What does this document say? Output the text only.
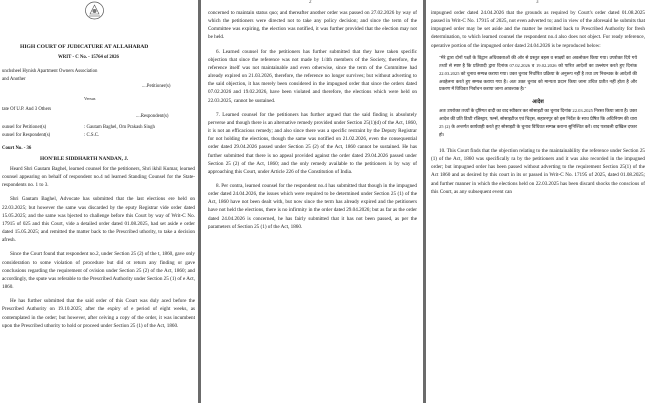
HIGH COURT OF JUDICATURE AT ALLAHABAD
WRIT - C No. - 15764 of 2026
unchsheel Hynish Apartment Owners Association
and Another
....Petitioner(s)
Versus
tate Of U.P. And 3 Others
....Respondent(s)
ounsel for Petitioner(s)	: Gautam Baghel, Om Prakash Singh
ounsel for Respondent(s)	: C.S.C.
Court No. - 36
HON'BLE SIDDHARTH NANDAN, J.

Heard Shri Gautam Baghel, learned counsel for the petitioners, Shri ikhil Kumar, learned counsel appearing on behalf of respondent no.4 nd learned Standing Counsel for the State-respondents no. 1 to 3.

Shri Gautam Baghel, Advocate has submitted that the last elections ere held on 22.03.2025; but however the same was discarded by the eputy Registrar vide order dated 15.05.2025; and the same was bjected to challenge before this Court by way of Writ-C No. 17915 of 025 and this Court, vide a detailed order dated 01.08.2025, had set aside e order dated 15.05.2025; and remitted the matter back to the Prescribed uthority, to take a decision afresh.

Since the Court found that respondent no.2, under Section 25 (2) of the t, 1860, gave only consideration to some violation of procedure but did ot return any finding or gave conclusions regarding the requirement of ovision under Section 25 (2) of the Act, 1860; and accordingly, the spute was referable to the Prescribed Authority under Section 25 (1) of e Act, 1860.

He has further submitted that the said order of this Court was duly aced before the Prescribed Authority on 19.10.2025; after the expiry of e period of eight weeks, as contemplated in the order; but however, after ceiving a copy of the order, it was incumbent upon the Prescribed uthority to hold or proceed under Section 25 (1) of the Act, 1860.

2

concerned to maintain status quo; and thereafter another order was passed on 27.02.2026 by way of which the petitioners were directed not to take any policy decision; and since the term of the Committee was expiring, the election was notified, it was further provided that the election may not be held.

6. Learned counsel for the petitioners has further submitted that they have taken specific objection that since the reference was not made by 1/4th members of the Society, therefore, the reference itself was not maintainable and even otherwise, since the term of the Committee had already expired on 21.03.2026, therefore, the reference no longer survives; but without adverting to the said objection, it has merely been considered in the impugned order that since the orders dated 07.02.2026 and 19.02.2026, have been violated and therefore, the elections which were held on 22.03.2025, cannot be sustained.

7. Learned counsel for the petitioners has further argued that the said finding is absolutely perverse and though there is an alternative remedy provided under Section 25(1)(d) of the Act, 1860, it is not an efficacious remedy; and also since there was a specific restraint by the Deputy Registrar for not holding the elections, though the same was notified on 21.02.2026, even the consequential order dated 29.04.2026 passed under Section 25 (2) of the Act, 1860 cannot be sustained. He has further submitted that there is no appeal provided against the order dated 29.04.2026 passed under Section 25 (2) of the Act, 1860; and the only remedy available to the petitioners is by way of approaching this Court, under Article 226 of the Constitution of India.

8. Per contra, learned counsel for the respondent no.4 has submitted that though in the impugned order dated 24.04.2026, the issues which were required to be determined under Section 25 (1) of the Act, 1860 have not been dealt with, but now since the term has already expired and the petitioners have not held the elections, there is no infirmity in the order dated 29.04.2026; but as far as the order dated 24.04.2026 is concerned, he has fairly submitted that it has not been passed, as per the parameters of Section 25 (1) of the Act, 1860.

3

impugned order dated 24.04.2026 that the grounds as required by Court's order dated 01.08.2025 passed in Writ-C No. 17915 of 2025, not even adverted to; and in view of the aforesaid he submits that impugned order may be set aside and the matter be remitted back to Prescribed Authority for fresh determination, to which learned counsel the respondent no.4 also does not object. For ready reference, operative portion of the impugned order dated 24.04.2026 is be reproduced below:

"मेरे द्वारा दोनों पक्षों के विद्वान अधिवक्ताओं की ओर से प्रस्तुत बहस व साक्ष्यों का अवलोकन किया गया। उपरोक्त दिये गये तथ्यों से स्पष्ट है कि प्रतिवादी द्वारा दिनांक 07.02.2026 व 19.02.2026 को पारित आदेशों का उल्लंघन करते हुए दिनांक 22.03.2025 को चुनाव सम्पन्न कराया गया। उक्त चुनाव निर्धारित प्रक्रिया के अनुरूप नहीं है तथा उप निबन्धक के आदेशों की अवहेलना करते हुए सम्पन्न कराया गया है। अतः उक्त चुनाव को मान्यता प्रदान किया जाना उचित प्रतीत नहीं होता है और प्रकरण में विधिवत निर्वाचन कराया जाना आवश्यक है।"

आदेश

अतः उपरोक्त तथ्यों के दृष्टिगत वादी का वाद स्वीकार कर सोसाइटी का चुनाव दिनांक 22.03.2025 निरस्त किया जाता है। उक्त आदेश की प्रति डिप्टी रजिस्ट्रार, फर्म्स, सोसाइटीज एवं चिट्स, सहारनपुर को इस निर्देश के साथ प्रेषित कि अधिनियम की धारा 25 (2) के अन्तर्गत कार्यवाही करते हुए सोसाइटी के चुनाव विधिवत सम्पन्न कराना सुनिश्चित करें। वाद पत्रावली दाखिल दफ्तर हो।

10. This Court finds that the objection relating to the maintainability the reference under Section 25 (1) of the Act, 1860 was specifically ra by the petitioners and it was also recorded in the impugned order; but impugned order has been passed without adverting to the requirement Section 25(1) of the Act 1860 and as desired by this court in its or passed in Writ-C No. 17195 of 2025, dated 01.08.2025; and further manner in which the elections held on 22.03.2025 has been discard shocks the conscious of this Court, as any subsequent event can
